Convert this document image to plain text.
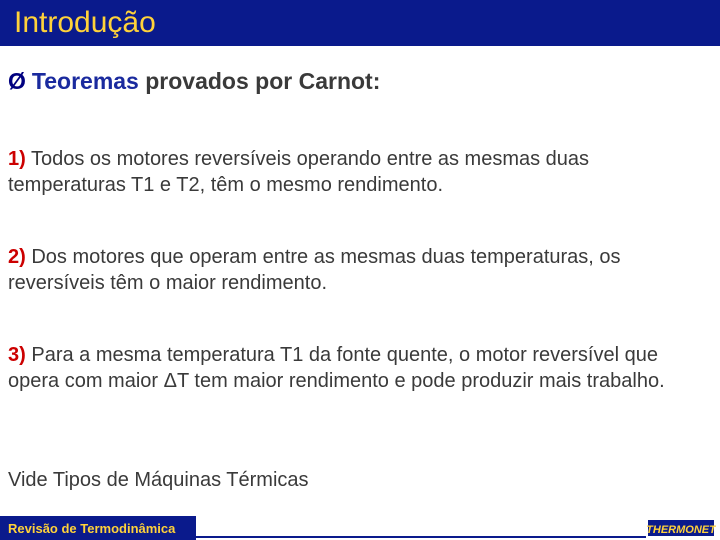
Introdução
Ø Teoremas provados por Carnot:
1) Todos os motores reversíveis operando entre as mesmas duas temperaturas T1 e T2, têm o mesmo rendimento.
2) Dos motores que operam entre as mesmas duas temperaturas, os reversíveis têm o maior rendimento.
3) Para a mesma temperatura T1 da fonte quente, o motor reversível que opera com maior ΔT tem maior rendimento e pode produzir mais trabalho.
Vide Tipos de Máquinas Térmicas
Revisão de Termodinâmica	THERMONET
